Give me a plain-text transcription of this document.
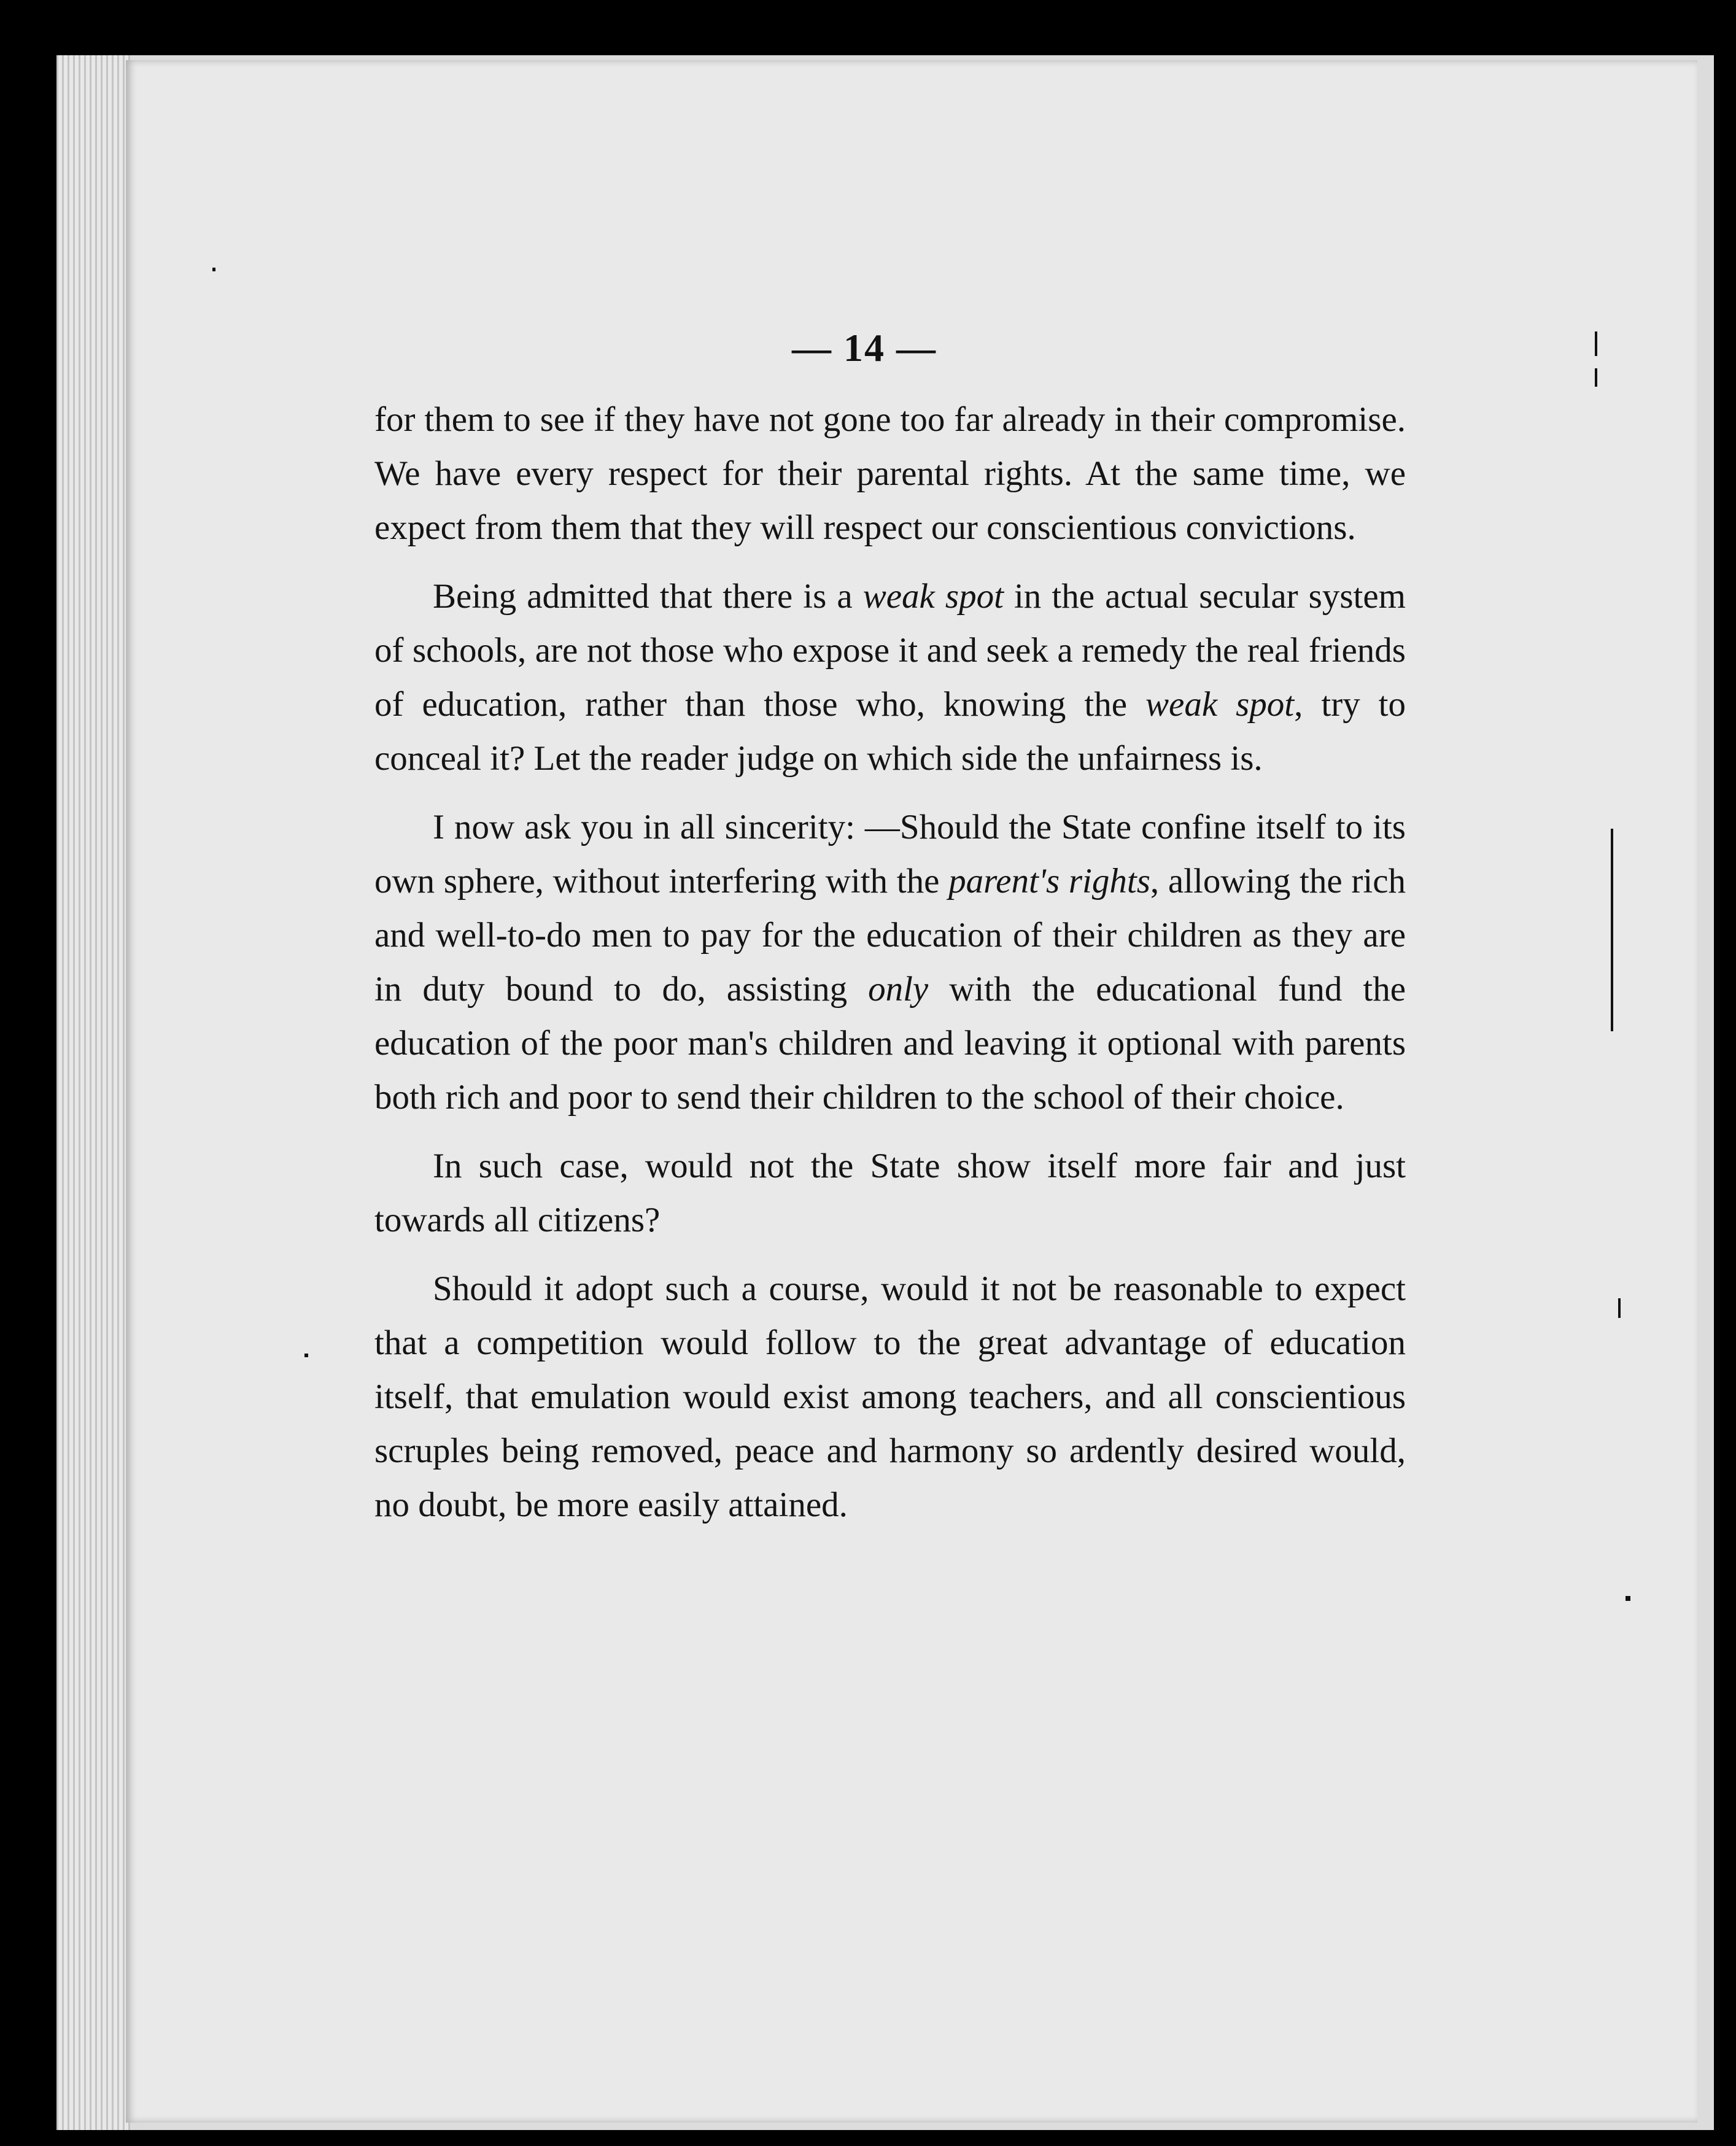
— 14 —

for them to see if they have not gone too far already in their compromise. We have every respect for their parental rights. At the same time, we expect from them that they will respect our conscientious convictions.

Being admitted that there is a weak spot in the actual secular system of schools, are not those who expose it and seek a remedy the real friends of education, rather than those who, knowing the weak spot, try to conceal it? Let the reader judge on which side the unfairness is.

I now ask you in all sincerity: —Should the State confine itself to its own sphere, without interfering with the parent's rights, allowing the rich and well-to-do men to pay for the education of their children as they are in duty bound to do, assisting only with the educational fund the education of the poor man's children and leaving it optional with parents both rich and poor to send their children to the school of their choice.

In such case, would not the State show itself more fair and just towards all citizens?

Should it adopt such a course, would it not be reasonable to expect that a competition would follow to the great advantage of education itself, that emulation would exist among teachers, and all conscientious scruples being removed, peace and harmony so ardently desired would, no doubt, be more easily attained.
